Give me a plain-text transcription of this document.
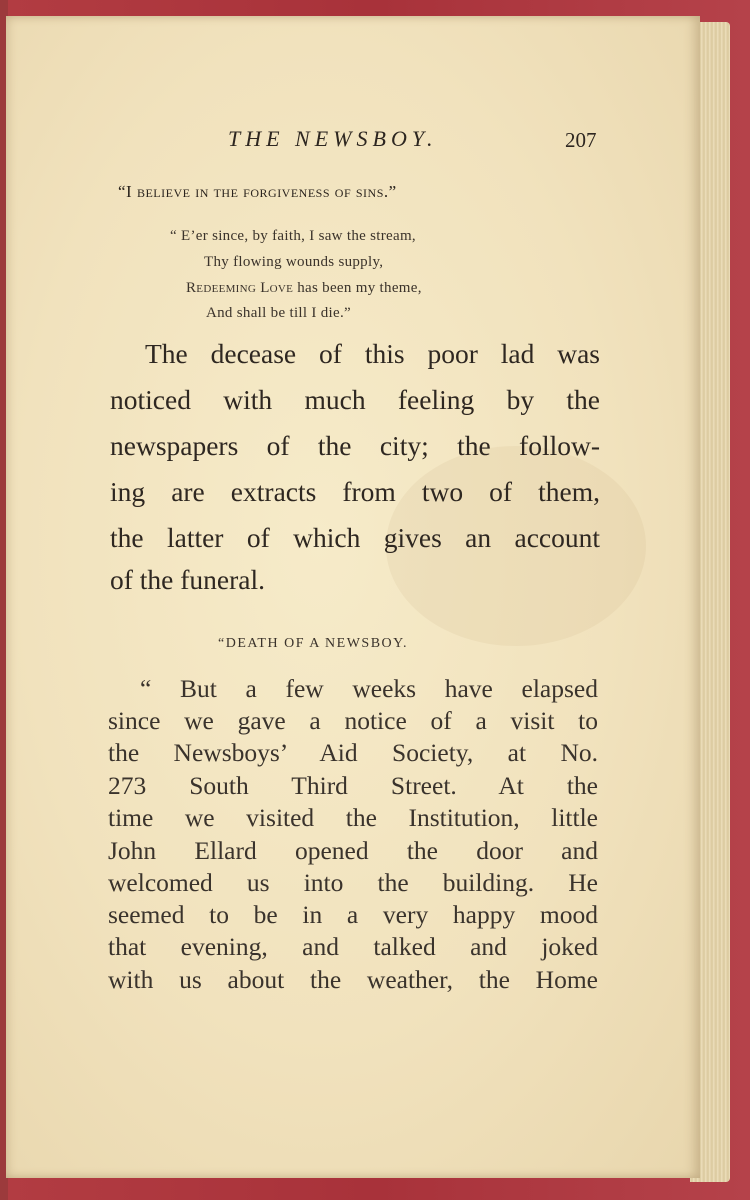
THE NEWSBOY.	207
“I believe in the forgiveness of sins.”
“ E’er since, by faith, I saw the stream,
Thy flowing wounds supply,
Redeeming Love has been my theme,
And shall be till I die.”
The decease of this poor lad was
noticed with much feeling by the
newspapers of the city; the follow-
ing are extracts from two of them,
the latter of which gives an account
of the funeral.
“DEATH OF A NEWSBOY.
“ But a few weeks have elapsed
since we gave a notice of a visit to
the Newsboys’ Aid Society, at No.
273 South Third Street. At the
time we visited the Institution, little
John Ellard opened the door and
welcomed us into the building. He
seemed to be in a very happy mood
that evening, and talked and joked
with us about the weather, the Home
